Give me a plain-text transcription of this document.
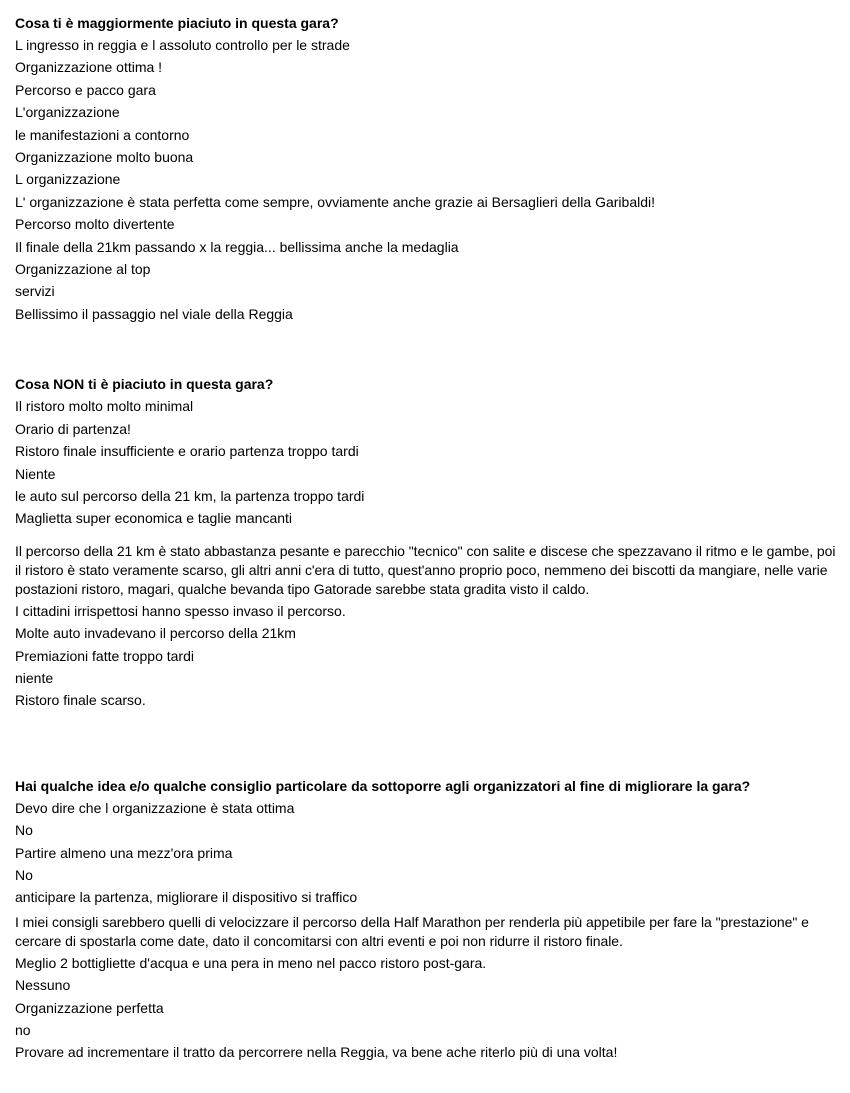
Cosa ti è maggiormente piaciuto in questa gara?

L ingresso in reggia e l assoluto controllo per le strade
Organizzazione ottima !
Percorso e pacco gara
L'organizzazione
le manifestazioni a contorno
Organizzazione molto buona
L organizzazione
L' organizzazione è stata perfetta come sempre, ovviamente anche grazie ai Bersaglieri della Garibaldi!
Percorso molto divertente
Il finale della 21km passando x la reggia... bellissima anche la medaglia
Organizzazione al top
servizi
Bellissimo il passaggio nel viale della Reggia

Cosa NON ti è piaciuto in questa gara?

Il ristoro molto molto minimal
Orario di partenza!
Ristoro finale insufficiente e orario partenza troppo tardi
Niente
le auto sul percorso della 21 km, la partenza troppo tardi
Maglietta super economica e taglie mancanti
Il percorso della 21 km è stato abbastanza pesante e parecchio "tecnico" con salite e discese che spezzavano il ritmo e le gambe, poi il ristoro è stato veramente scarso, gli altri anni c'era di tutto, quest'anno proprio poco, nemmeno dei biscotti da mangiare, nelle varie postazioni ristoro, magari, qualche bevanda tipo Gatorade sarebbe stata gradita visto il caldo.
I cittadini irrispettosi hanno spesso invaso il percorso.
Molte auto invadevano il percorso della 21km
Premiazioni fatte troppo tardi
niente
Ristoro finale scarso.

Hai qualche idea e/o qualche consiglio particolare da sottoporre agli organizzatori al fine di migliorare la gara?

Devo dire che l organizzazione è stata ottima
No
Partire almeno una mezz'ora prima
No
anticipare la partenza, migliorare il dispositivo si traffico
I miei consigli sarebbero quelli di velocizzare il percorso della Half Marathon per renderla più appetibile per fare la "prestazione" e cercare di spostarla come date, dato il concomitarsi con altri eventi e poi non ridurre il ristoro finale.
Meglio 2 bottigliette d'acqua e una pera in meno nel pacco ristoro post-gara.
Nessuno
Organizzazione perfetta
no
Provare ad incrementare il tratto da percorrere nella Reggia, va bene ache riterlo più di una volta!
